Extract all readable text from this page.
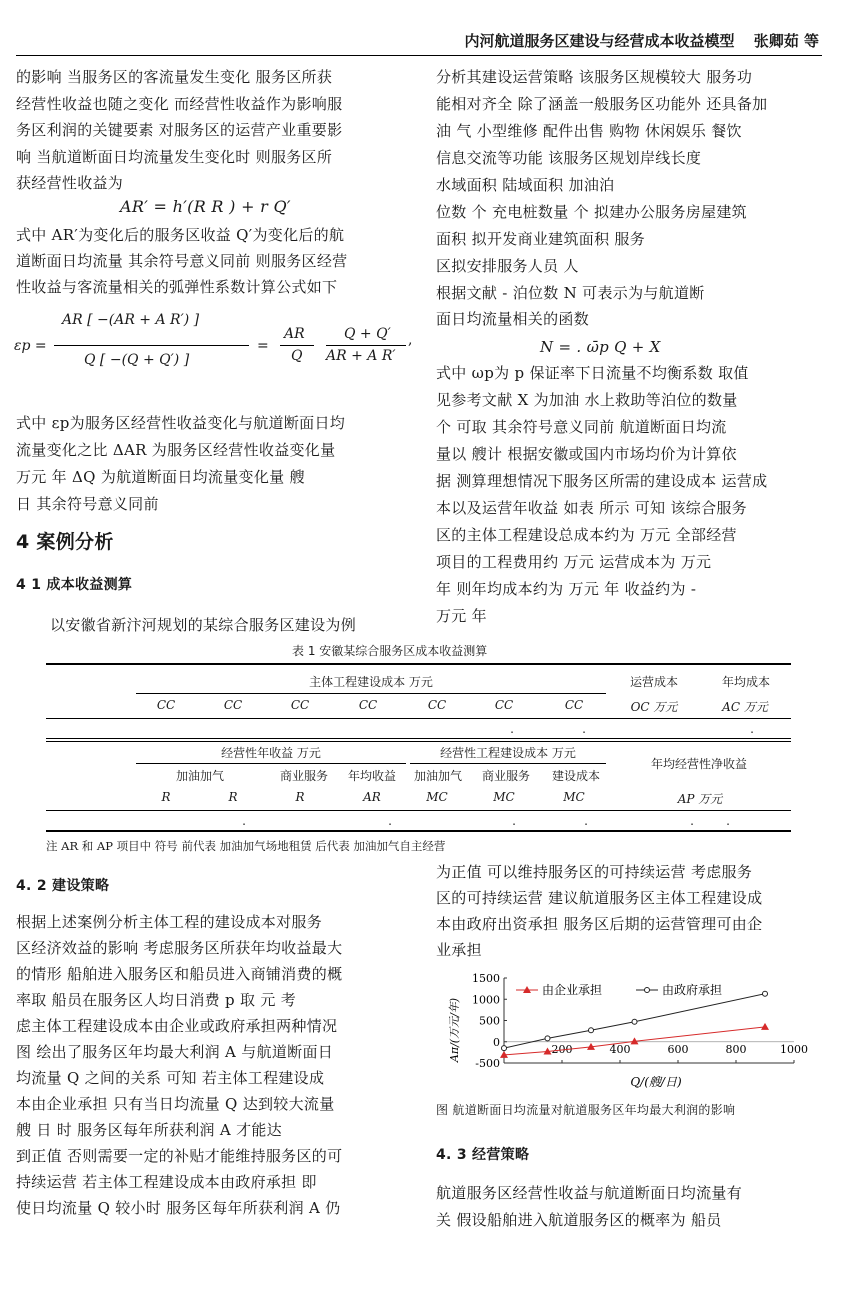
内河航道服务区建设与经营成本收益模型 张卿茹 等
的影响 当服务区的客流量发生变化 服务区所获
经营性收益也随之变化 而经营性收益作为影响服
务区利润的关键要素 对服务区的运营产业重要影
响 当航道断面日均流量发生变化时 则服务区所
获经营性收益为
AR′ = h′(R R ) + r Q′
式中 AR′为变化后的服务区收益 Q′为变化后的航
道断面日均流量 其余符号意义同前 则服务区经营
性收益与客流量相关的弧弹性系数计算公式如下
εp =
AR [ −(AR + A R′) ]
Q [ −(Q + Q′) ]
=
AR
Q
Q + Q′
AR + A R′
,
式中 εp为服务区经营性收益变化与航道断面日均
流量变化之比 ΔAR 为服务区经营性收益变化量
万元 年 ΔQ 为航道断面日均流量变化量 艘
日 其余符号意义同前
4 案例分析
4 1 成本收益测算
以安徽省新汴河规划的某综合服务区建设为例
分析其建设运营策略 该服务区规模较大 服务功
能相对齐全 除了涵盖一般服务区功能外 还具备加
油 气 小型维修 配件出售 购物 休闲娱乐 餐饮
信息交流等功能 该服务区规划岸线长度
水域面积 陆域面积 加油泊
位数 个 充电桩数量 个 拟建办公服务房屋建筑
面积 拟开发商业建筑面积 服务
区拟安排服务人员 人
根据文献 - 泊位数 N 可表示为与航道断
面日均流量相关的函数
N = . ω̄p Q + X
式中 ωp为 p 保证率下日流量不均衡系数 取值
见参考文献 X 为加油 水上救助等泊位的数量
个 可取 其余符号意义同前 航道断面日均流
量以 艘计 根据安徽或国内市场均价为计算依
据 测算理想情况下服务区所需的建设成本 运营成
本以及运营年收益 如表 所示 可知 该综合服务
区的主体工程建设总成本约为 万元 全部经营
项目的工程费用约 万元 运营成本为 万元
年 则年均成本约为 万元 年 收益约为 -
万元 年
表 1 安徽某综合服务区成本收益测算
主体工程建设成本 万元	运营成本	年均成本
CC	CC	CC	CC	CC	CC	CC	OC 万元	AC 万元
.	.	.
经营性年收益 万元	经营性工程建设成本 万元
年均经营性净收益
加油加气	商业服务	年均收益	加油加气	商业服务	建设成本
R	R	R	AR	MC	MC	MC	AP 万元
.	.	.	.	.	.
注 AR 和 AP 项目中 符号 前代表 加油加气场地租赁 后代表 加油加气自主经营
4. 2 建设策略
根据上述案例分析主体工程的建设成本对服务
区经济效益的影响 考虑服务区所获年均收益最大
的情形 船舶进入服务区和船员进入商铺消费的概
率取 船员在服务区人均日消费 p 取 元 考
虑主体工程建设成本由企业或政府承担两种情况
图 绘出了服务区年均最大利润 A 与航道断面日
均流量 Q 之间的关系 可知 若主体工程建设成
本由企业承担 只有当日均流量 Q 达到较大流量
艘 日 时 服务区每年所获利润 A 才能达
到正值 否则需要一定的补贴才能维持服务区的可
持续运营 若主体工程建设成本由政府承担 即
使日均流量 Q 较小时 服务区每年所获利润 A 仍
为正值 可以维持服务区的可持续运营 考虑服务
区的可持续运营 建议航道服务区主体工程建设成
本由政府出资承担 服务区后期的运营管理可由企
业承担
Aπ/(万元/年)
Q/(艘/日)
-500
0
500
1000
1500
200	400	600	800	1000
由企业承担	由政府承担
图 航道断面日均流量对航道服务区年均最大利润的影响
4. 3 经营策略
航道服务区经营性收益与航道断面日均流量有
关 假设船舶进入航道服务区的概率为 船员
